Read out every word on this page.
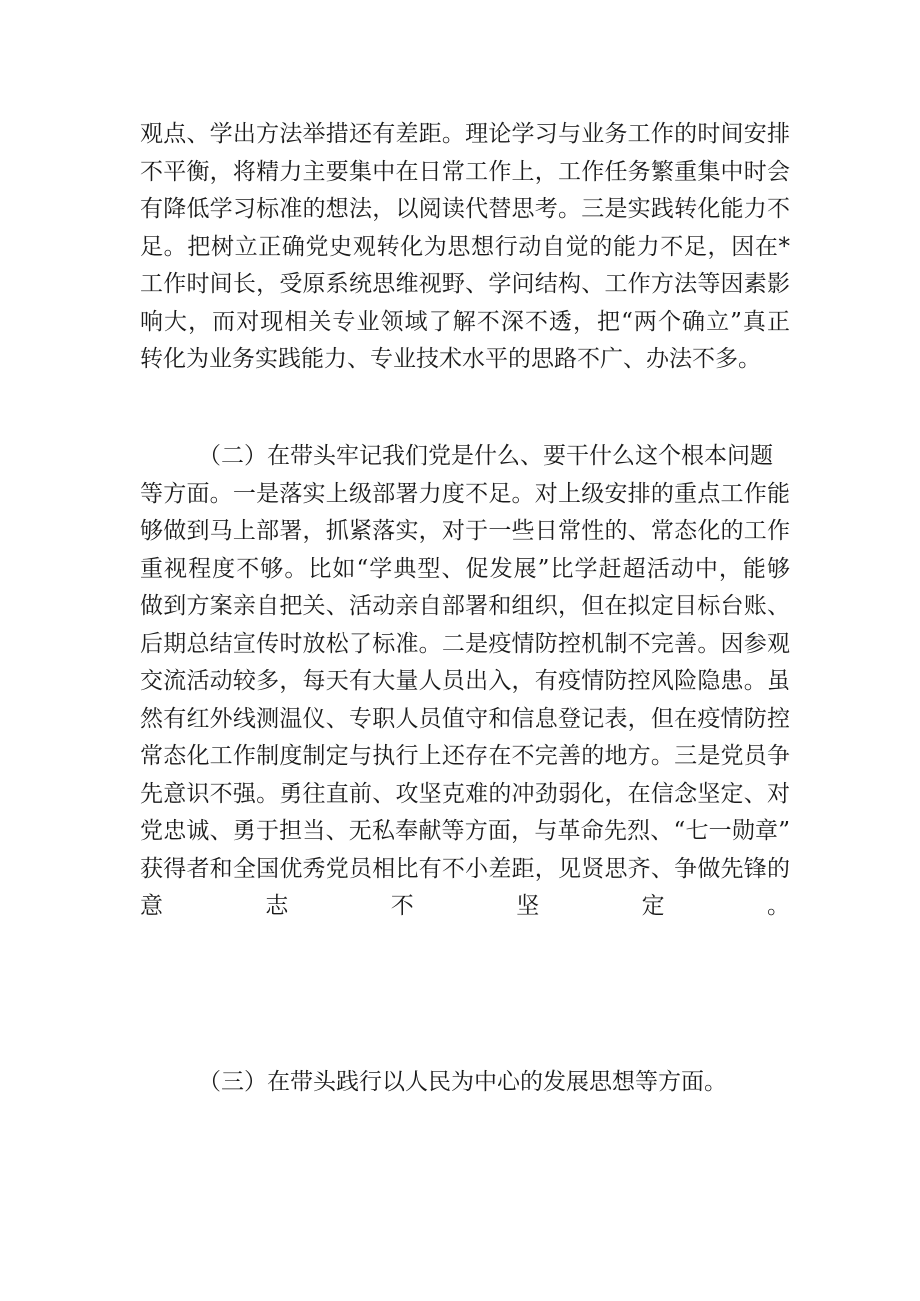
观点、学出方法举措还有差距。理论学习与业务工作的时间安排
不平衡，将精力主要集中在日常工作上，工作任务繁重集中时会
有降低学习标准的想法，以阅读代替思考。三是实践转化能力不
足。把树立正确党史观转化为思想行动自觉的能力不足，因在*
工作时间长，受原系统思维视野、学问结构、工作方法等因素影
响大，而对现相关专业领域了解不深不透，把“两个确立”真正
转化为业务实践能力、专业技术水平的思路不广、办法不多。
（二）在带头牢记我们党是什么、要干什么这个根本问题
等方面。一是落实上级部署力度不足。对上级安排的重点工作能
够做到马上部署，抓紧落实，对于一些日常性的、常态化的工作
重视程度不够。比如“学典型、促发展”比学赶超活动中，能够
做到方案亲自把关、活动亲自部署和组织，但在拟定目标台账、
后期总结宣传时放松了标准。二是疫情防控机制不完善。因参观
交流活动较多，每天有大量人员出入，有疫情防控风险隐患。虽
然有红外线测温仪、专职人员值守和信息登记表，但在疫情防控
常态化工作制度制定与执行上还存在不完善的地方。三是党员争
先意识不强。勇往直前、攻坚克难的冲劲弱化，在信念坚定、对
党忠诚、勇于担当、无私奉献等方面，与革命先烈、“七一勋章”
获得者和全国优秀党员相比有不小差距，见贤思齐、争做先锋的
意志不坚定。
（三）在带头践行以人民为中心的发展思想等方面。
